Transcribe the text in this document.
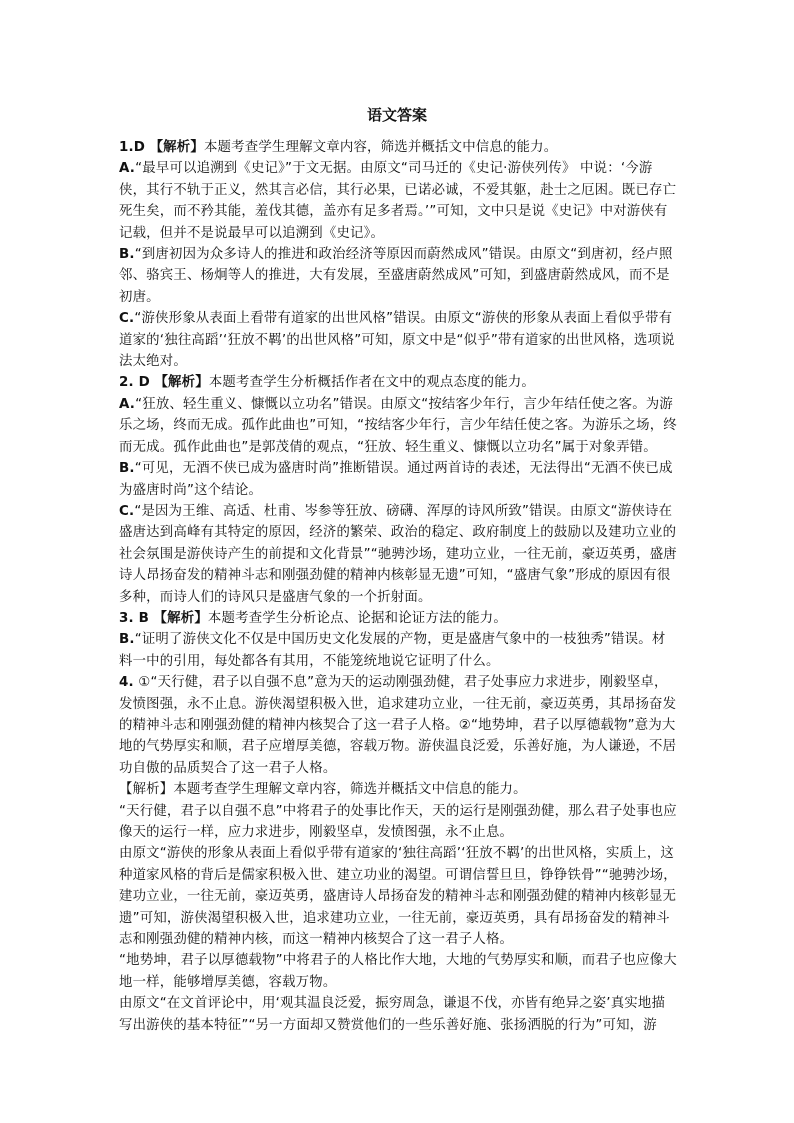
语文答案

1.D 【解析】本题考查学生理解文章内容，筛选并概括文中信息的能力。

A.“最早可以追溯到《史记》”于文无据。由原文“司马迁的《史记·游侠列传》 中说：‘今游侠，其行不轨于正义，然其言必信，其行必果，已诺必诚，不爱其躯，赴士之厄困。既已存亡死生矣，而不矜其能，羞伐其德，盖亦有足多者焉。’”可知，文中只是说《史记》中对游侠有记载，但并不是说最早可以追溯到《史记》。

B.“到唐初因为众多诗人的推进和政治经济等原因而蔚然成风”错误。由原文“到唐初，经卢照邻、骆宾王、杨炯等人的推进，大有发展，至盛唐蔚然成风”可知，到盛唐蔚然成风，而不是初唐。

C.“游侠形象从表面上看带有道家的出世风格”错误。由原文“游侠的形象从表面上看似乎带有道家的‘独往高蹈’‘狂放不羁’的出世风格”可知，原文中是“似乎”带有道家的出世风格，选项说法太绝对。

2. D 【解析】本题考查学生分析概括作者在文中的观点态度的能力。

A.“狂放、轻生重义、慷慨以立功名”错误。由原文“按结客少年行，言少年结任使之客。为游乐之场，终而无成。孤作此曲也”可知，“按结客少年行，言少年结任使之客。为游乐之场，终而无成。孤作此曲也”是郭茂倩的观点，“狂放、轻生重义、慷慨以立功名”属于对象弄错。

B.“可见，无酒不侠已成为盛唐时尚”推断错误。通过两首诗的表述，无法得出“无酒不侠已成为盛唐时尚”这个结论。

C.“是因为王维、高适、杜甫、岑参等狂放、磅礴、浑厚的诗风所致”错误。由原文“游侠诗在盛唐达到高峰有其特定的原因，经济的繁荣、政治的稳定、政府制度上的鼓励以及建功立业的社会氛围是游侠诗产生的前提和文化背景”“驰骋沙场，建功立业，一往无前，豪迈英勇，盛唐诗人昂扬奋发的精神斗志和刚强劲健的精神内核彰显无遗”可知，“盛唐气象”形成的原因有很多种，而诗人们的诗风只是盛唐气象的一个折射面。

3. B 【解析】本题考查学生分析论点、论据和论证方法的能力。

B.“证明了游侠文化不仅是中国历史文化发展的产物，更是盛唐气象中的一枝独秀”错误。材料一中的引用，每处都各有其用，不能笼统地说它证明了什么。

4. ①“天行健，君子以自强不息”意为天的运动刚强劲健，君子处事应力求进步，刚毅坚卓，发愤图强，永不止息。游侠渴望积极入世，追求建功立业，一往无前，豪迈英勇，其昂扬奋发的精神斗志和刚强劲健的精神内核契合了这一君子人格。②“地势坤，君子以厚德载物”意为大地的气势厚实和顺，君子应增厚美德，容载万物。游侠温良泛爱，乐善好施，为人谦逊，不居功自傲的品质契合了这一君子人格。

【解析】本题考查学生理解文章内容，筛选并概括文中信息的能力。

“天行健，君子以自强不息”中将君子的处事比作天，天的运行是刚强劲健，那么君子处事也应像天的运行一样，应力求进步，刚毅坚卓，发愤图强，永不止息。

由原文“游侠的形象从表面上看似乎带有道家的‘独往高蹈’‘狂放不羁’的出世风格，实质上，这种道家风格的背后是儒家积极入世、建立功业的渴望。可谓信誓旦旦，铮铮铁骨”“驰骋沙场，建功立业，一往无前，豪迈英勇，盛唐诗人昂扬奋发的精神斗志和刚强劲健的精神内核彰显无遗”可知，游侠渴望积极入世，追求建功立业，一往无前，豪迈英勇，具有昂扬奋发的精神斗志和刚强劲健的精神内核，而这一精神内核契合了这一君子人格。

“地势坤，君子以厚德载物”中将君子的人格比作大地，大地的气势厚实和顺，而君子也应像大地一样，能够增厚美德，容载万物。

由原文“在文首评论中，用‘观其温良泛爱，振穷周急，谦退不伐，亦皆有绝异之姿’真实地描写出游侠的基本特征”“另一方面却又赞赏他们的一些乐善好施、张扬洒脱的行为”可知，游
